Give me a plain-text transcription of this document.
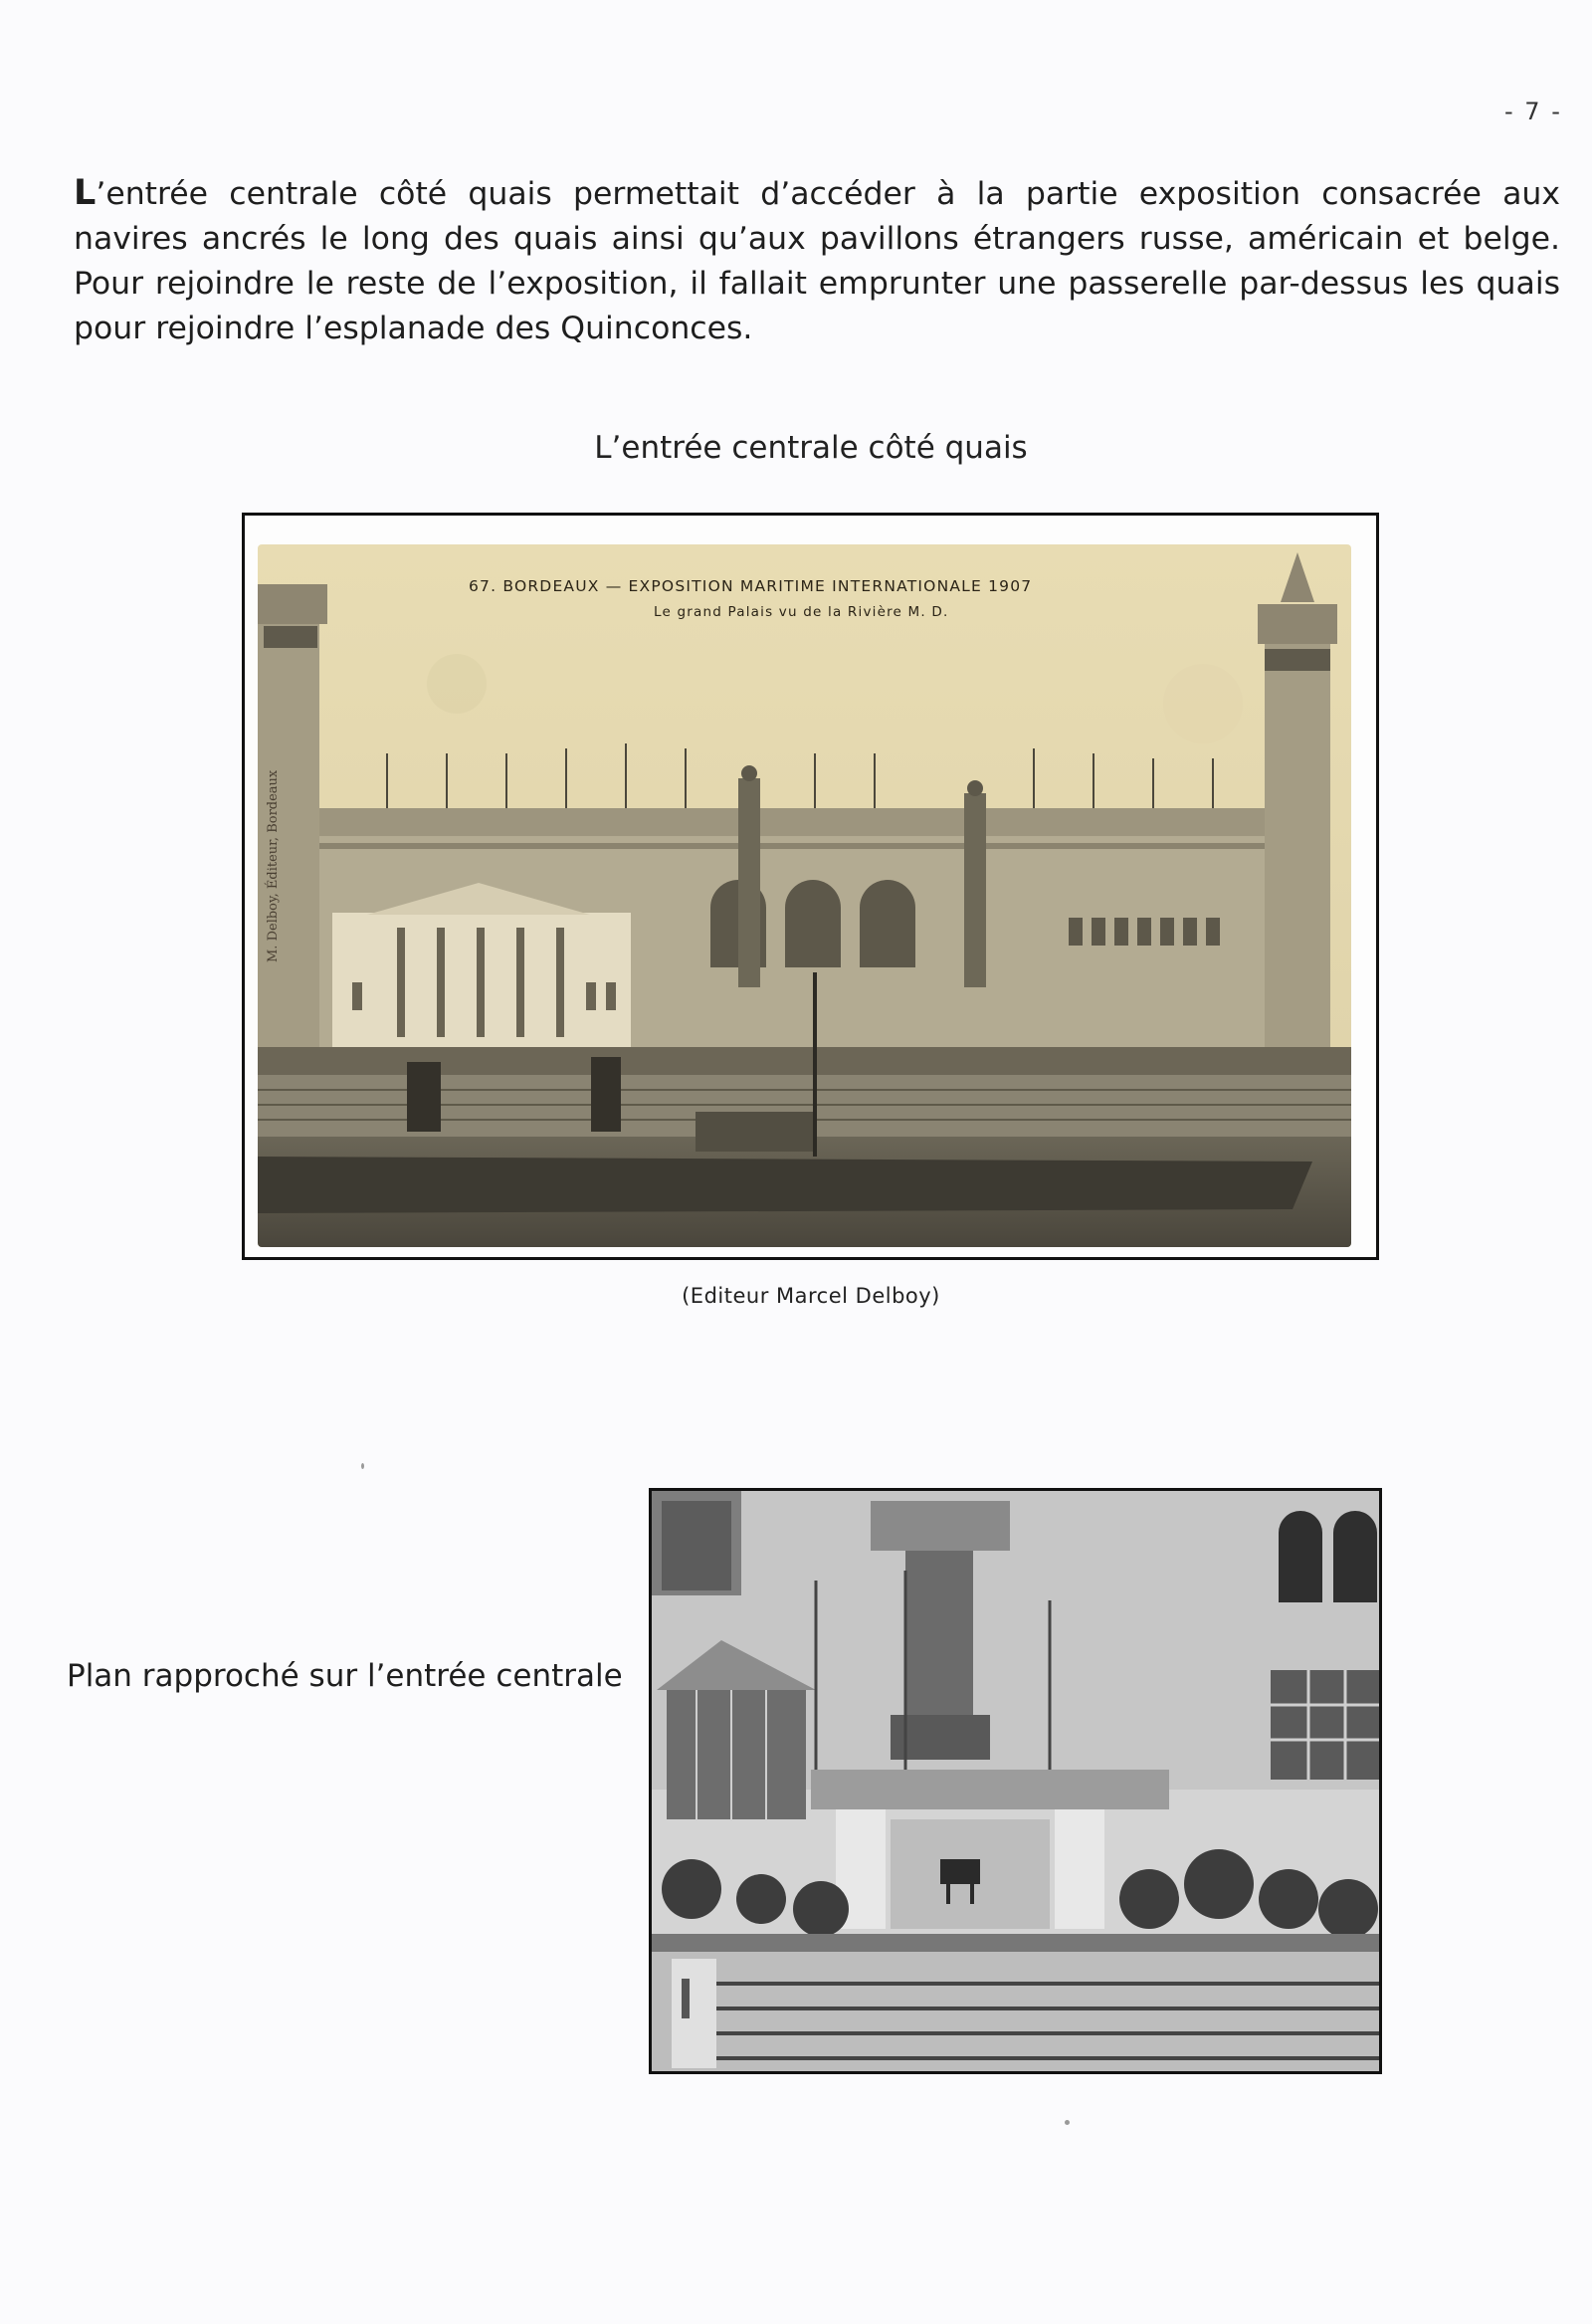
- 7 -

L’entrée centrale côté quais permettait d’accéder à la partie exposition consacrée aux navires ancrés le long des quais ainsi qu’aux pavillons étrangers russe, américain et belge. Pour rejoindre le reste de l’exposition, il fallait emprunter une passerelle par-dessus les quais pour rejoindre l’esplanade des Quinconces.

L’entrée centrale côté quais
67. BORDEAUX — EXPOSITION MARITIME INTERNATIONALE 1907
Le grand Palais vu de la Rivière M. D.
M. Delboy, Éditeur, Bordeaux
(Editeur Marcel Delboy)
Plan rapproché sur l’entrée centrale
